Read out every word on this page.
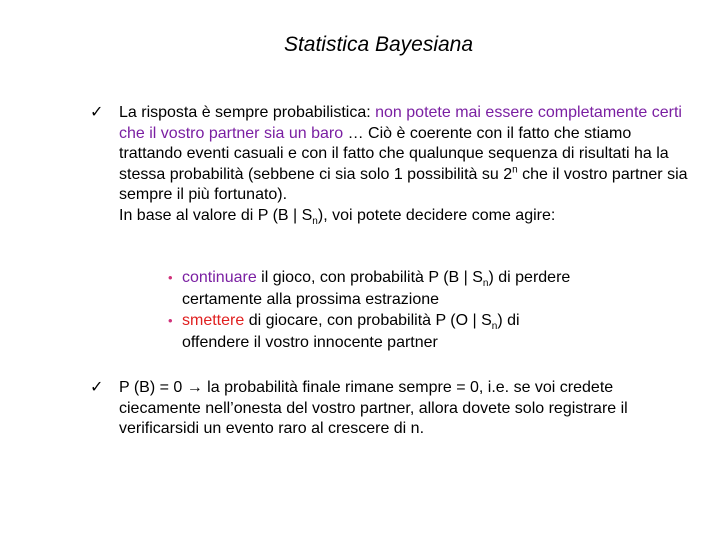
Statistica Bayesiana
✓ La risposta è sempre probabilistica: non potete mai essere completamente certi che il vostro partner sia un baro … Ciò è coerente con il fatto che stiamo trattando eventi casuali e con il fatto che qualunque sequenza di risultati ha la stessa probabilità (sebbene ci sia solo 1 possibilità su 2$^n$ che il vostro partner sia sempre il più fortunato).
In base al valore di P (B | $S_n$), voi potete decidere come agire:
• continuare il gioco, con probabilità P (B | $S_n$) di perdere certamente alla prossima estrazione
• smettere di giocare, con probabilità P (O | $S_n$) di offendere il vostro innocente partner
✓ P (B) = 0 → la probabilità finale rimane sempre = 0, i.e. se voi credete ciecamente nell’onesta del vostro partner, allora dovete solo registrare il verificarsidi un evento raro al crescere di n.
